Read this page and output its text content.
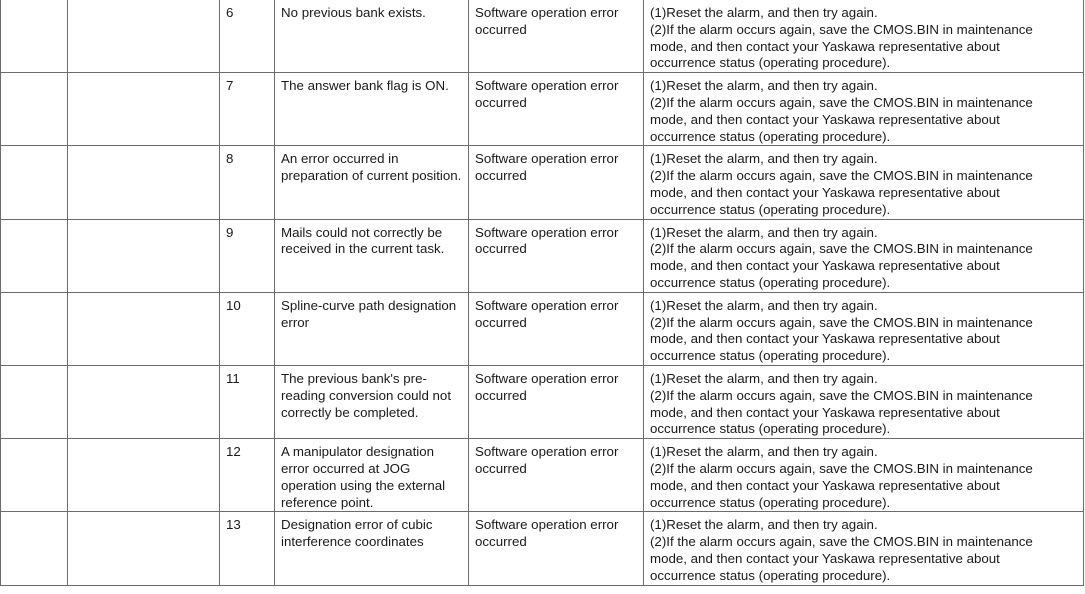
		6	No previous bank exists.	Software operation error occurred	(1)Reset the alarm, and then try again.
(2)If the alarm occurs again, save the CMOS.BIN in maintenance
mode, and then contact your Yaskawa representative about
occurrence status (operating procedure).

		7	The answer bank flag is ON.	Software operation error occurred	(1)Reset the alarm, and then try again.
(2)If the alarm occurs again, save the CMOS.BIN in maintenance
mode, and then contact your Yaskawa representative about
occurrence status (operating procedure).

		8	An error occurred in preparation of current position.	Software operation error occurred	(1)Reset the alarm, and then try again.
(2)If the alarm occurs again, save the CMOS.BIN in maintenance
mode, and then contact your Yaskawa representative about
occurrence status (operating procedure).

		9	Mails could not correctly be received in the current task.	Software operation error occurred	(1)Reset the alarm, and then try again.
(2)If the alarm occurs again, save the CMOS.BIN in maintenance
mode, and then contact your Yaskawa representative about
occurrence status (operating procedure).

		10	Spline-curve path designation error	Software operation error occurred	(1)Reset the alarm, and then try again.
(2)If the alarm occurs again, save the CMOS.BIN in maintenance
mode, and then contact your Yaskawa representative about
occurrence status (operating procedure).

		11	The previous bank's pre-reading conversion could not correctly be completed.	Software operation error occurred	(1)Reset the alarm, and then try again.
(2)If the alarm occurs again, save the CMOS.BIN in maintenance
mode, and then contact your Yaskawa representative about
occurrence status (operating procedure).

		12	A manipulator designation error occurred at JOG operation using the external reference point.	Software operation error occurred	(1)Reset the alarm, and then try again.
(2)If the alarm occurs again, save the CMOS.BIN in maintenance
mode, and then contact your Yaskawa representative about
occurrence status (operating procedure).

		13	Designation error of cubic interference coordinates	Software operation error occurred	(1)Reset the alarm, and then try again.
(2)If the alarm occurs again, save the CMOS.BIN in maintenance
mode, and then contact your Yaskawa representative about
occurrence status (operating procedure).
